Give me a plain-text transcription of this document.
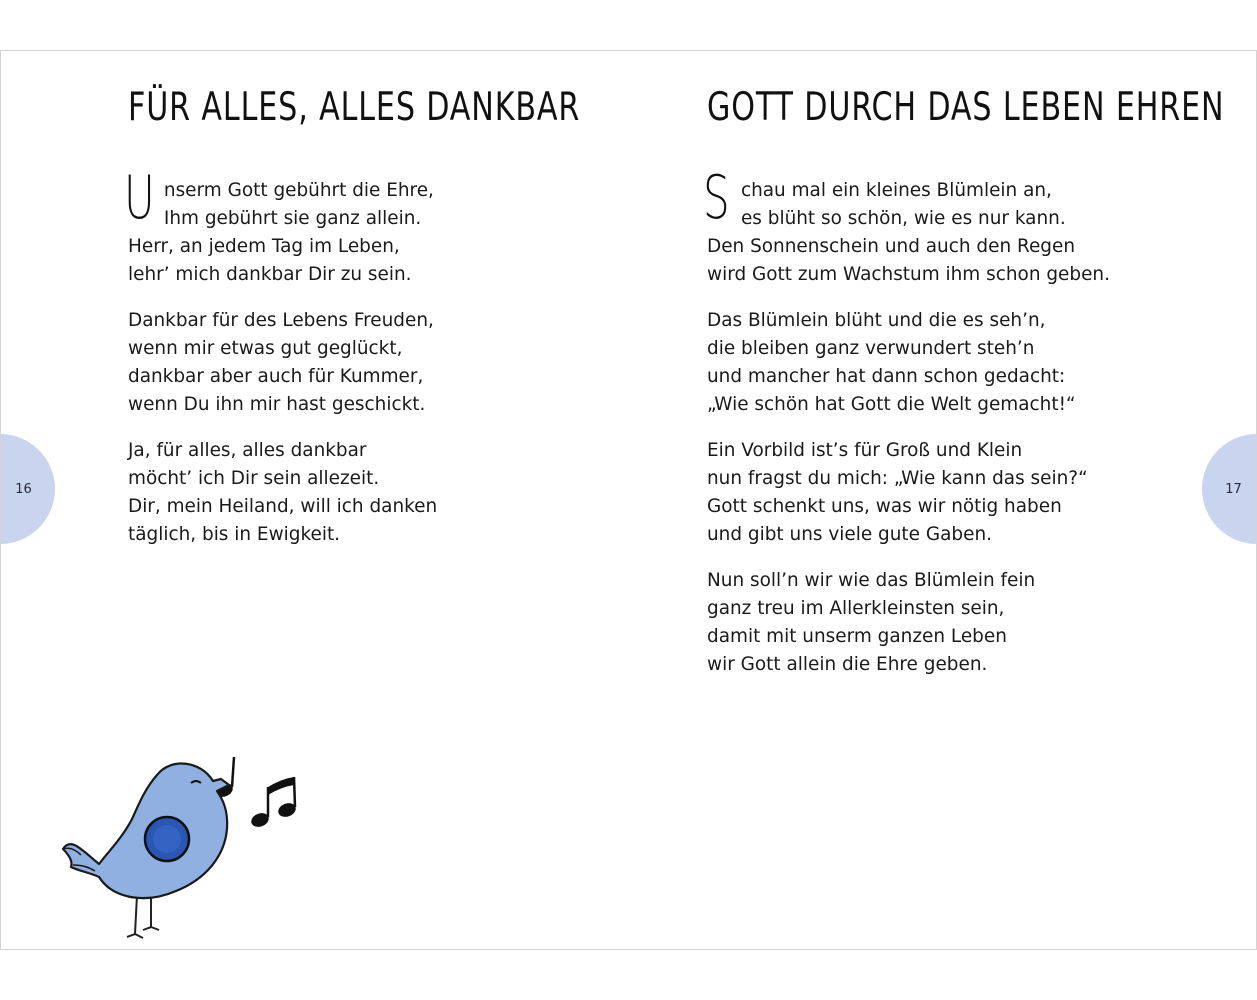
FÜR ALLES, ALLES DANKBAR
U nserm Gott gebührt die Ehre,
Ihm gebührt sie ganz allein.
Herr, an jedem Tag im Leben,
lehr’ mich dankbar Dir zu sein.
Dankbar für des Lebens Freuden,
wenn mir etwas gut geglückt,
dankbar aber auch für Kummer,
wenn Du ihn mir hast geschickt.
Ja, für alles, alles dankbar
möcht’ ich Dir sein allezeit.
Dir, mein Heiland, will ich danken
täglich, bis in Ewigkeit.
16
GOTT DURCH DAS LEBEN EHREN
S chau mal ein kleines Blümlein an,
es blüht so schön, wie es nur kann.
Den Sonnenschein und auch den Regen
wird Gott zum Wachstum ihm schon geben.
Das Blümlein blüht und die es seh’n,
die bleiben ganz verwundert steh’n
und mancher hat dann schon gedacht:
„Wie schön hat Gott die Welt gemacht!“
Ein Vorbild ist’s für Groß und Klein
nun fragst du mich: „Wie kann das sein?“
Gott schenkt uns, was wir nötig haben
und gibt uns viele gute Gaben.
Nun soll’n wir wie das Blümlein fein
ganz treu im Allerkleinsten sein,
damit mit unserm ganzen Leben
wir Gott allein die Ehre geben.
17
